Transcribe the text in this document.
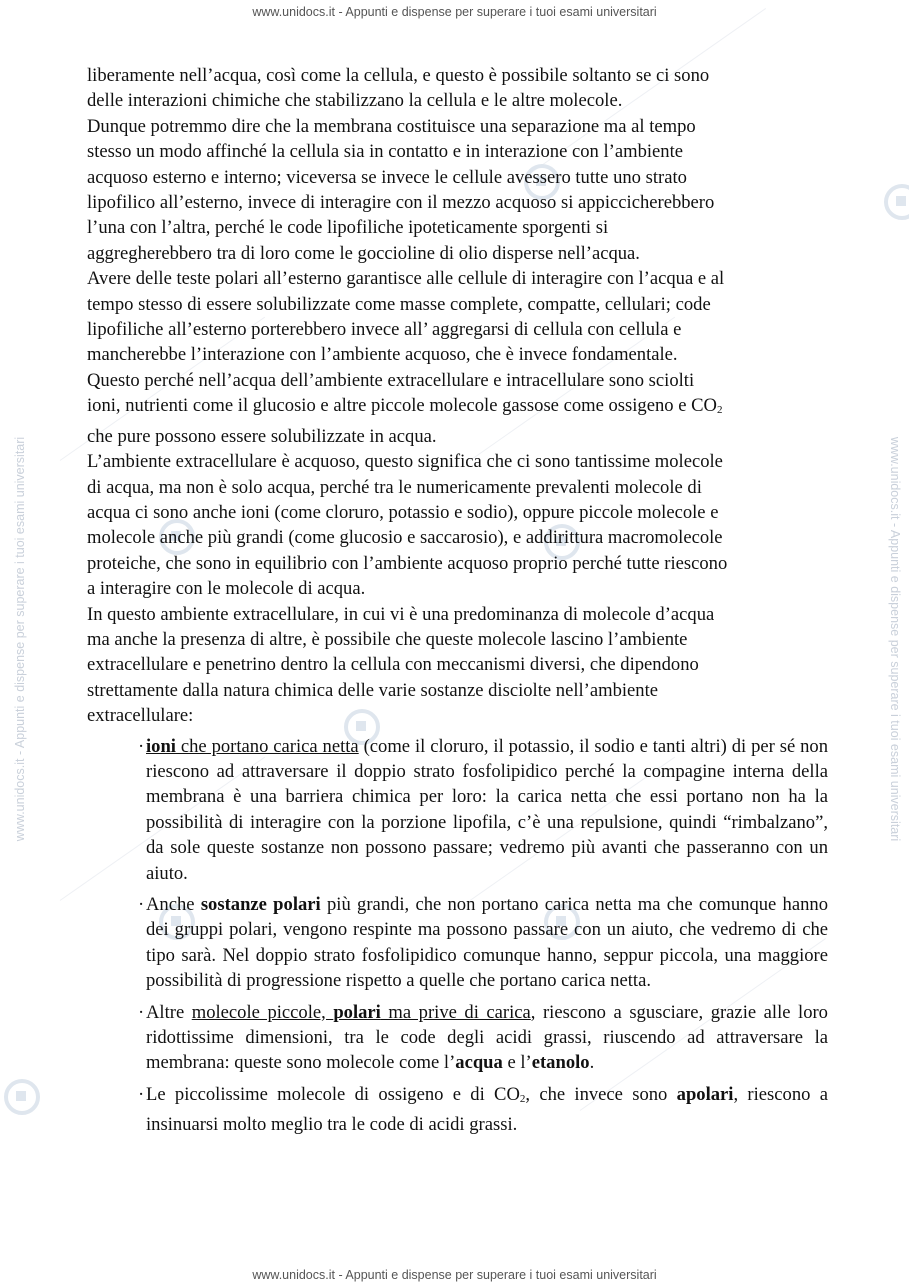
www.unidocs.it - Appunti e dispense per superare i tuoi esami universitari	www.unidocs.it - Appunti e dispense per superare i tuoi esami universitari
www.unidocs.it - Appunti e dispense per superare i tuoi esami universitari

liberamente nell’acqua, così come la cellula, e questo è possibile soltanto se ci sono

delle interazioni chimiche che stabilizzano la cellula e le altre molecole.

Dunque potremmo dire che la membrana costituisce una separazione ma al tempo

stesso un modo affinché la cellula sia in contatto e in interazione con l’ambiente

acquoso esterno e interno; viceversa se invece le cellule avessero tutte uno strato

lipofilico all’esterno, invece di interagire con il mezzo acquoso si appiccicherebbero

l’una con l’altra, perché le code lipofiliche ipoteticamente sporgenti si

aggregherebbero tra di loro come le goccioline di olio disperse nell’acqua.

Avere delle teste polari all’esterno garantisce alle cellule di interagire con l’acqua e al

tempo stesso di essere solubilizzate come masse complete, compatte, cellulari; code

lipofiliche all’esterno porterebbero invece all’ aggregarsi di cellula con cellula e

mancherebbe l’interazione con l’ambiente acquoso, che è invece fondamentale.

Questo perché nell’acqua dell’ambiente extracellulare e intracellulare sono sciolti

ioni, nutrienti come il glucosio e altre piccole molecole gassose come ossigeno e $CO_2$

che pure possono essere solubilizzate in acqua.

L’ambiente extracellulare è acquoso, questo significa che ci sono tantissime molecole

di acqua, ma non è solo acqua, perché tra le numericamente prevalenti molecole di

acqua ci sono anche ioni (come cloruro, potassio e sodio), oppure piccole molecole e

molecole anche più grandi (come glucosio e saccarosio), e addirittura macromolecole

proteiche, che sono in equilibrio con l’ambiente acquoso proprio perché tutte riescono

a interagire con le molecole di acqua.

In questo ambiente extracellulare, in cui vi è una predominanza di molecole d’acqua

ma anche la presenza di altre, è possibile che queste molecole lascino l’ambiente

extracellulare e penetrino dentro la cellula con meccanismi diversi, che dipendono

strettamente dalla natura chimica delle varie sostanze disciolte nell’ambiente

extracellulare:

· ioni che portano carica netta (come il cloruro, il potassio, il sodio e tanti altri) di per sé non riescono ad attraversare il doppio strato fosfolipidico perché la compagine interna della membrana è una barriera chimica per loro: la carica netta che essi portano non ha la possibilità di interagire con la porzione lipofila, c’è una repulsione, quindi “rimbalzano”, da sole queste sostanze non possono passare; vedremo più avanti che passeranno con un aiuto.
· Anche sostanze polari più grandi, che non portano carica netta ma che comunque hanno dei gruppi polari, vengono respinte ma possono passare con un aiuto, che vedremo di che tipo sarà. Nel doppio strato fosfolipidico comunque hanno, seppur piccola, una maggiore possibilità di progressione rispetto a quelle che portano carica netta.
· Altre molecole piccole, polari ma prive di carica, riescono a sgusciare, grazie alle loro ridottissime dimensioni, tra le code degli acidi grassi, riuscendo ad attraversare la membrana: queste sono molecole come l’acqua e l’etanolo.
· Le piccolissime molecole di ossigeno e di $CO_2$, che invece sono apolari, riescono a insinuarsi molto meglio tra le code di acidi grassi.
www.unidocs.it - Appunti e dispense per superare i tuoi esami universitari
